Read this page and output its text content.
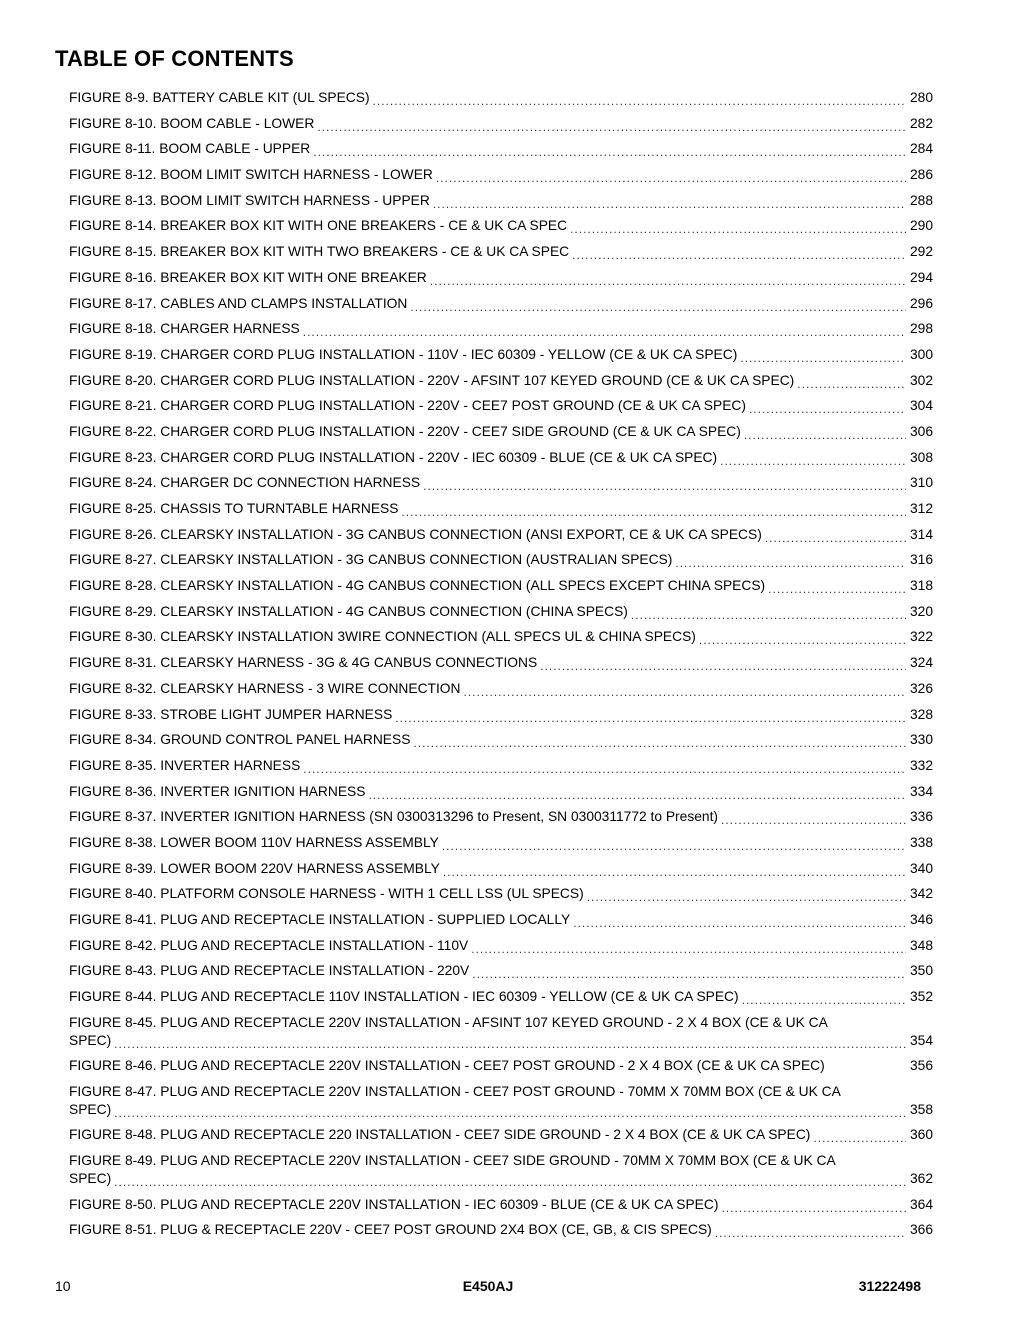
TABLE OF CONTENTS
FIGURE 8-9. BATTERY CABLE KIT (UL SPECS) .....	280
FIGURE 8-10. BOOM CABLE - LOWER .....	282
FIGURE 8-11. BOOM CABLE - UPPER .....	284
FIGURE 8-12. BOOM LIMIT SWITCH HARNESS - LOWER .....	286
FIGURE 8-13. BOOM LIMIT SWITCH HARNESS - UPPER .....	288
FIGURE 8-14. BREAKER BOX KIT WITH ONE BREAKERS - CE & UK CA SPEC .....	290
FIGURE 8-15. BREAKER BOX KIT WITH TWO BREAKERS - CE & UK CA SPEC .....	292
FIGURE 8-16. BREAKER BOX KIT WITH ONE BREAKER .....	294
FIGURE 8-17. CABLES AND CLAMPS INSTALLATION .....	296
FIGURE 8-18. CHARGER HARNESS .....	298
FIGURE 8-19. CHARGER CORD PLUG INSTALLATION - 110V - IEC 60309 - YELLOW (CE & UK CA SPEC) .....	300
FIGURE 8-20. CHARGER CORD PLUG INSTALLATION - 220V - AFSINT 107 KEYED GROUND (CE & UK CA SPEC) .....	302
FIGURE 8-21. CHARGER CORD PLUG INSTALLATION - 220V - CEE7 POST GROUND (CE & UK CA SPEC) .....	304
FIGURE 8-22. CHARGER CORD PLUG INSTALLATION - 220V - CEE7 SIDE GROUND (CE & UK CA SPEC) .....	306
FIGURE 8-23. CHARGER CORD PLUG INSTALLATION - 220V - IEC 60309 - BLUE (CE & UK CA SPEC) .....	308
FIGURE 8-24. CHARGER DC CONNECTION HARNESS .....	310
FIGURE 8-25. CHASSIS TO TURNTABLE HARNESS .....	312
FIGURE 8-26. CLEARSKY INSTALLATION - 3G CANBUS CONNECTION (ANSI EXPORT, CE & UK CA SPECS) .....	314
FIGURE 8-27. CLEARSKY INSTALLATION - 3G CANBUS CONNECTION (AUSTRALIAN SPECS) .....	316
FIGURE 8-28. CLEARSKY INSTALLATION - 4G CANBUS CONNECTION (ALL SPECS EXCEPT CHINA SPECS) .....	318
FIGURE 8-29. CLEARSKY INSTALLATION - 4G CANBUS CONNECTION (CHINA SPECS) .....	320
FIGURE 8-30. CLEARSKY INSTALLATION 3WIRE CONNECTION (ALL SPECS UL & CHINA SPECS) .....	322
FIGURE 8-31. CLEARSKY HARNESS - 3G & 4G CANBUS CONNECTIONS .....	324
FIGURE 8-32. CLEARSKY HARNESS - 3 WIRE CONNECTION .....	326
FIGURE 8-33. STROBE LIGHT JUMPER HARNESS .....	328
FIGURE 8-34. GROUND CONTROL PANEL HARNESS .....	330
FIGURE 8-35. INVERTER HARNESS .....	332
FIGURE 8-36. INVERTER IGNITION HARNESS .....	334
FIGURE 8-37. INVERTER IGNITION HARNESS (SN 0300313296 to Present, SN 0300311772 to Present) .....	336
FIGURE 8-38. LOWER BOOM 110V HARNESS ASSEMBLY .....	338
FIGURE 8-39. LOWER BOOM 220V HARNESS ASSEMBLY .....	340
FIGURE 8-40. PLATFORM CONSOLE HARNESS - WITH 1 CELL LSS (UL SPECS) .....	342
FIGURE 8-41. PLUG AND RECEPTACLE INSTALLATION - SUPPLIED LOCALLY .....	346
FIGURE 8-42. PLUG AND RECEPTACLE INSTALLATION - 110V .....	348
FIGURE 8-43. PLUG AND RECEPTACLE INSTALLATION - 220V .....	350
FIGURE 8-44. PLUG AND RECEPTACLE 110V INSTALLATION - IEC 60309 - YELLOW (CE & UK CA SPEC) .....	352
FIGURE 8-45. PLUG AND RECEPTACLE 220V INSTALLATION - AFSINT 107 KEYED GROUND - 2 X 4 BOX (CE & UK CA
SPEC) .....	354
FIGURE 8-46. PLUG AND RECEPTACLE 220V INSTALLATION - CEE7 POST GROUND - 2 X 4 BOX (CE & UK CA SPEC)	356
FIGURE 8-47. PLUG AND RECEPTACLE 220V INSTALLATION - CEE7 POST GROUND - 70MM X 70MM BOX (CE & UK CA
SPEC) .....	358
FIGURE 8-48. PLUG AND RECEPTACLE 220 INSTALLATION - CEE7 SIDE GROUND - 2 X 4 BOX (CE & UK CA SPEC) .....	360
FIGURE 8-49. PLUG AND RECEPTACLE 220V INSTALLATION - CEE7 SIDE GROUND - 70MM X 70MM BOX (CE & UK CA
SPEC) .....	362
FIGURE 8-50. PLUG AND RECEPTACLE 220V INSTALLATION - IEC 60309 - BLUE (CE & UK CA SPEC) .....	364
FIGURE 8-51. PLUG & RECEPTACLE 220V - CEE7 POST GROUND 2X4 BOX (CE, GB, & CIS SPECS) .....	366
10	E450AJ	31222498
